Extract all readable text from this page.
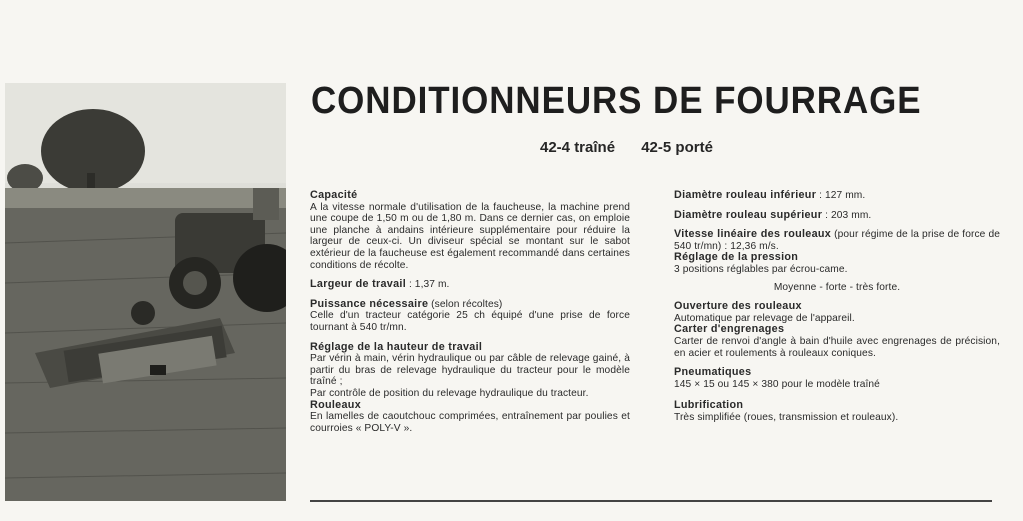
CONDITIONNEURS DE FOURRAGE
42-4 traîné 42-5 porté

Capacité

A la vitesse normale d'utilisation de la faucheuse, la machine prend une coupe de 1,50 m ou de 1,80 m. Dans ce dernier cas, on emploie une planche à andains intérieure supplémentaire pour réduire la largeur de ceux-ci. Un diviseur spécial se montant sur le sabot extérieur de la faucheuse est également recommandé dans certaines conditions de récolte.

Largeur de travail : 1,37 m.

Puissance nécessaire (selon récoltes)

Celle d'un tracteur catégorie 25 ch équipé d'une prise de force tournant à 540 tr/mn.

Réglage de la hauteur de travail

Par vérin à main, vérin hydraulique ou par câble de relevage gainé, à partir du bras de relevage hydraulique du tracteur pour le modèle traîné ;

Par contrôle de position du relevage hydraulique du tracteur.

Rouleaux

En lamelles de caoutchouc comprimées, entraînement par poulies et courroies « POLY-V ».

Diamètre rouleau inférieur : 127 mm.

Diamètre rouleau supérieur : 203 mm.

Vitesse linéaire des rouleaux (pour régime de la prise de force de 540 tr/mn) : 12,36 m/s.

Réglage de la pression

3 positions réglables par écrou-came.

Moyenne - forte - très forte.

Ouverture des rouleaux

Automatique par relevage de l'appareil.

Carter d'engrenages

Carter de renvoi d'angle à bain d'huile avec engrenages de précision, en acier et roulements à rouleaux coniques.

Pneumatiques

145 × 15 ou 145 × 380 pour le modèle traîné

Lubrification

Très simplifiée (roues, transmission et rouleaux).
